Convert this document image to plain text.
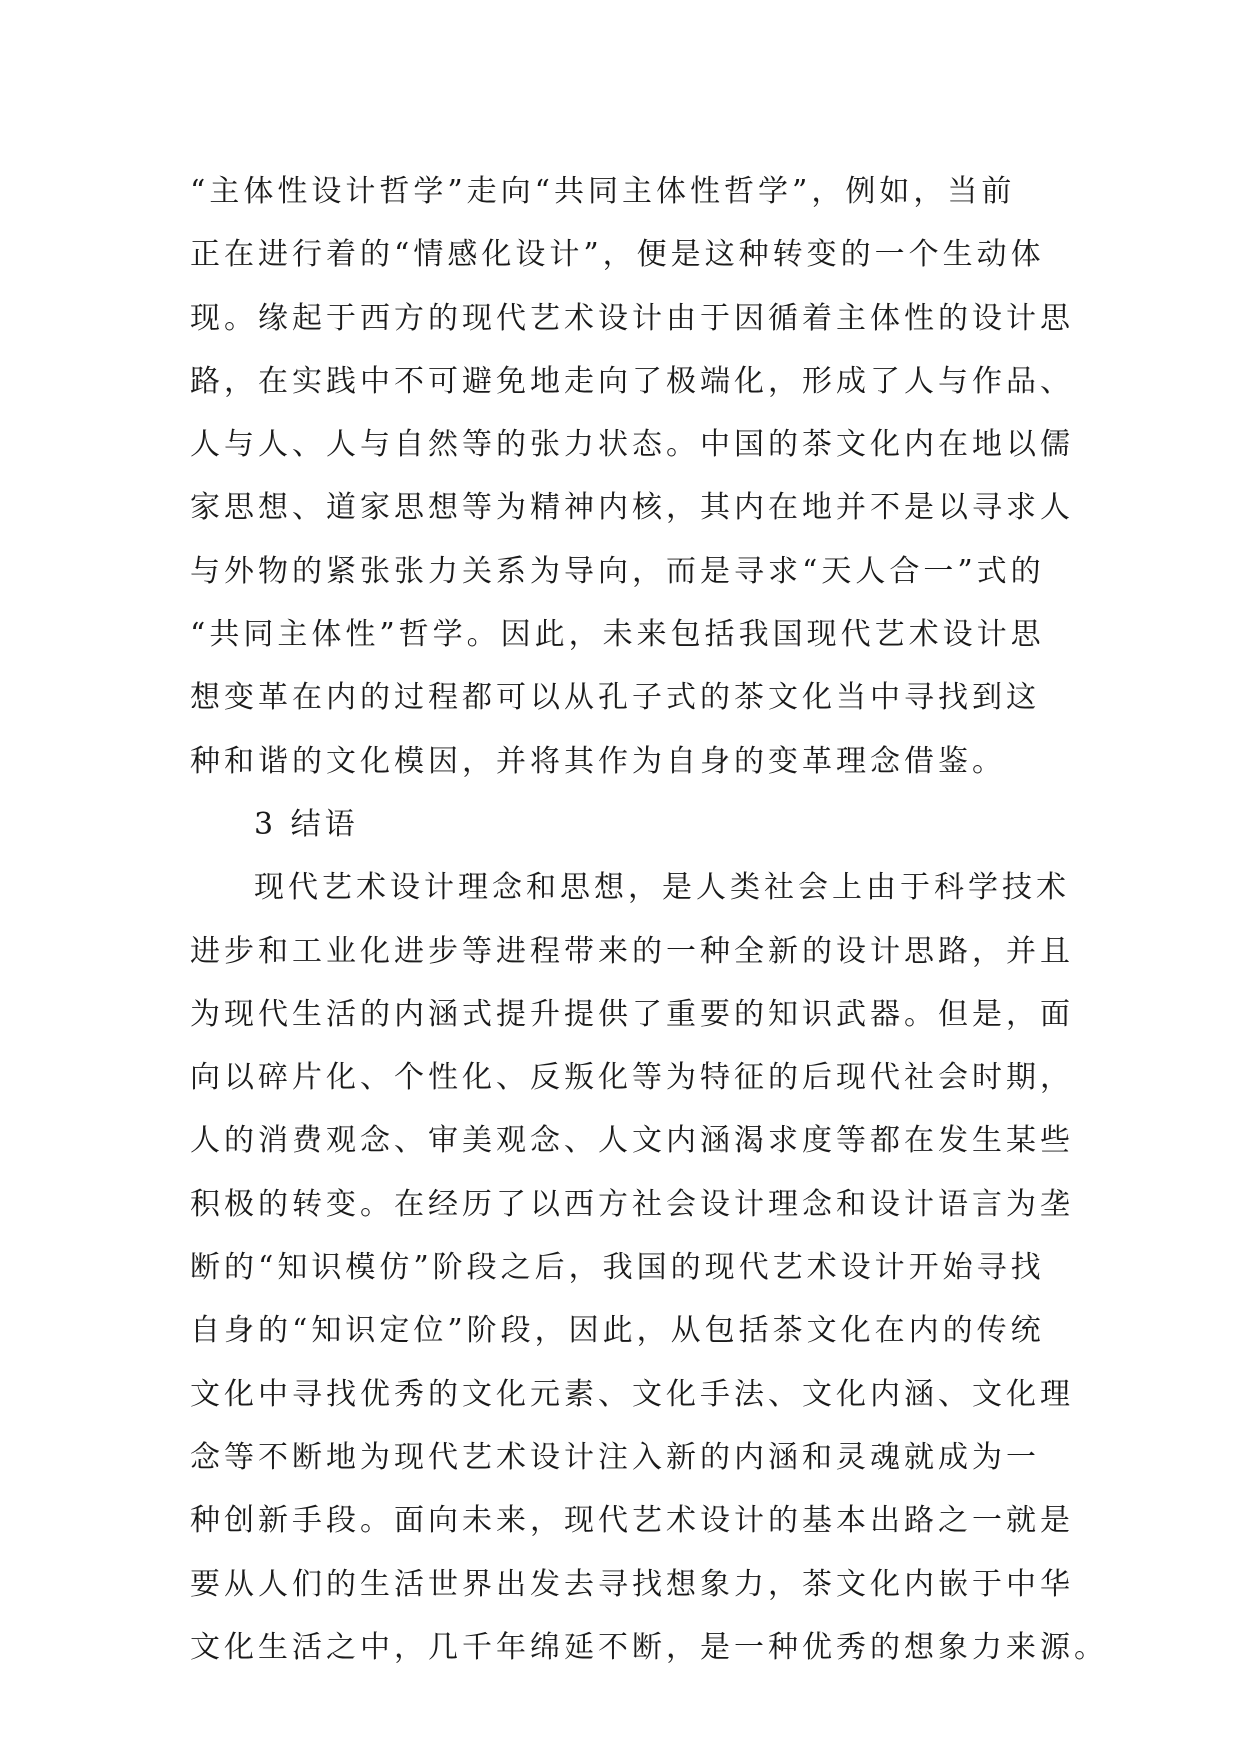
“主体性设计哲学”走向“共同主体性哲学”，例如，当前
正在进行着的“情感化设计”，便是这种转变的一个生动体
现。缘起于西方的现代艺术设计由于因循着主体性的设计思
路，在实践中不可避免地走向了极端化，形成了人与作品、
人与人、人与自然等的张力状态。中国的茶文化内在地以儒
家思想、道家思想等为精神内核，其内在地并不是以寻求人
与外物的紧张张力关系为导向，而是寻求“天人合一”式的
“共同主体性”哲学。因此，未来包括我国现代艺术设计思
想变革在内的过程都可以从孔子式的茶文化当中寻找到这
种和谐的文化模因，并将其作为自身的变革理念借鉴。
3 结语
现代艺术设计理念和思想，是人类社会上由于科学技术
进步和工业化进步等进程带来的一种全新的设计思路，并且
为现代生活的内涵式提升提供了重要的知识武器。但是，面
向以碎片化、个性化、反叛化等为特征的后现代社会时期，
人的消费观念、审美观念、人文内涵渴求度等都在发生某些
积极的转变。在经历了以西方社会设计理念和设计语言为垄
断的“知识模仿”阶段之后，我国的现代艺术设计开始寻找
自身的“知识定位”阶段，因此，从包括茶文化在内的传统
文化中寻找优秀的文化元素、文化手法、文化内涵、文化理
念等不断地为现代艺术设计注入新的内涵和灵魂就成为一
种创新手段。面向未来，现代艺术设计的基本出路之一就是
要从人们的生活世界出发去寻找想象力，茶文化内嵌于中华
文化生活之中，几千年绵延不断，是一种优秀的想象力来源。
